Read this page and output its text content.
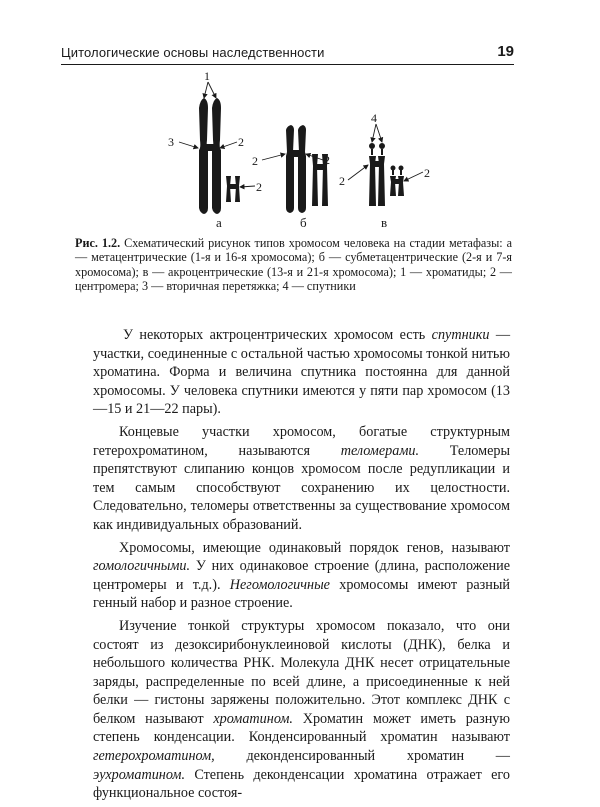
Цитологические основы наследственности	19
1
3	2
2
2	2
4
2
2
а	б	в
Рис. 1.2. Схематический рисунок типов хромосом человека на стадии метафазы: а — метацентрические (1-я и 16-я хромосома); б — субметацентрические (2-я и 7-я хромосома); в — акроцентрические (13-я и 21-я хромосома); 1 — хроматиды; 2 — центромера; 3 — вторичная перетяжка; 4 — спутники

У некоторых актроцентрических хромосом есть спутники — участки, соединенные с остальной частью хромосомы тонкой нитью хроматина. Форма и величина спутника постоянна для данной хромосомы. У человека спутники имеются у пяти пар хромосом (13—15 и 21—22 пары).

Концевые участки хромосом, богатые структурным гетерохроматином, называются теломерами. Теломеры препятствуют слипанию концов хромосом после редупликации и тем самым способствуют сохранению их целостности. Следовательно, теломеры ответственны за существование хромосом как индивидуальных образований.

Хромосомы, имеющие одинаковый порядок генов, называют гомологичными. У них одинаковое строение (длина, расположение центромеры и т.д.). Негомологичные хромосомы имеют разный генный набор и разное строение.

Изучение тонкой структуры хромосом показало, что они состоят из дезоксирибонуклеиновой кислоты (ДНК), белка и небольшого количества РНК. Молекула ДНК несет отрицательные заряды, распределенные по всей длине, а присоединенные к ней белки — гистоны заряжены положительно. Этот комплекс ДНК с белком называют хроматином. Хроматин может иметь разную степень конденсации. Конденсированный хроматин называют гетерохроматином, деконденсированный хроматин — эухроматином. Степень деконденсации хроматина отражает его функциональное состоя-
